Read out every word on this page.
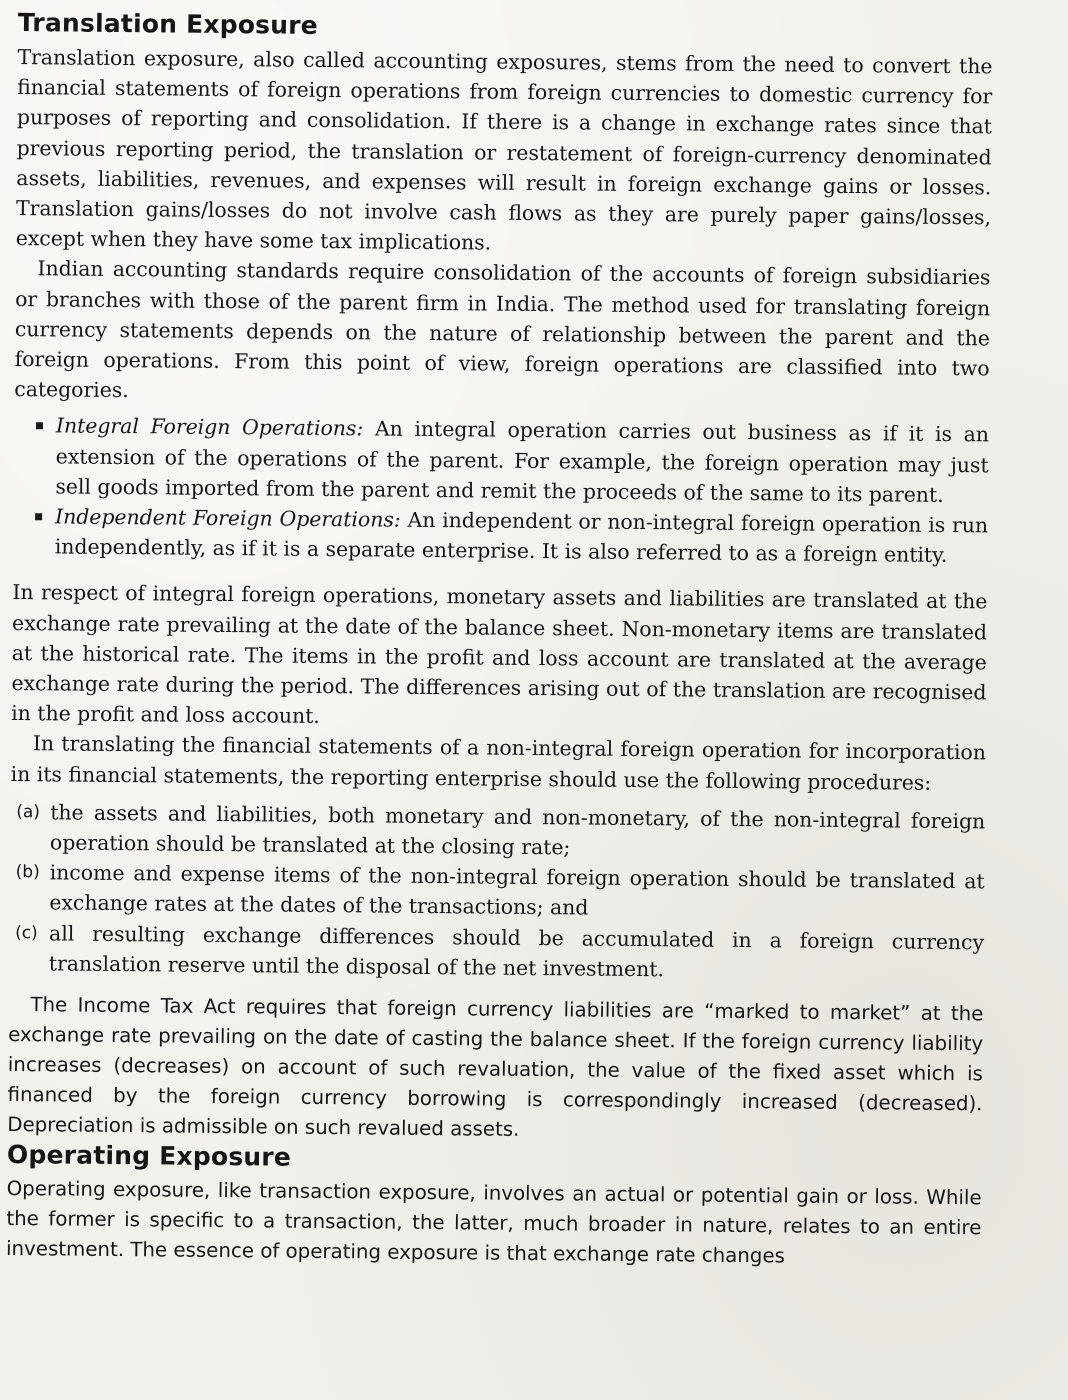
Translation Exposure

Translation exposure, also called accounting exposures, stems from the need to convert the financial statements of foreign operations from foreign currencies to domestic currency for purposes of reporting and consolidation. If there is a change in exchange rates since that previous reporting period, the translation or restatement of foreign-currency denominated assets, liabilities, revenues, and expenses will result in foreign exchange gains or losses. Translation gains/losses do not involve cash flows as they are purely paper gains/losses, except when they have some tax implications.

Indian accounting standards require consolidation of the accounts of foreign subsidiaries or branches with those of the parent firm in India. The method used for translating foreign currency statements depends on the nature of relationship between the parent and the foreign operations. From this point of view, foreign operations are classified into two categories.

Integral Foreign Operations: An integral operation carries out business as if it is an extension of the operations of the parent. For example, the foreign operation may just sell goods imported from the parent and remit the proceeds of the same to its parent.
Independent Foreign Operations: An independent or non-integral foreign operation is run independently, as if it is a separate enterprise. It is also referred to as a foreign entity.

In respect of integral foreign operations, monetary assets and liabilities are translated at the exchange rate prevailing at the date of the balance sheet. Non-monetary items are translated at the historical rate. The items in the profit and loss account are translated at the average exchange rate during the period. The differences arising out of the translation are recognised in the profit and loss account.

In translating the financial statements of a non-integral foreign operation for incorporation in its financial statements, the reporting enterprise should use the following procedures:

(a) the assets and liabilities, both monetary and non-monetary, of the non-integral foreign operation should be translated at the closing rate;
(b) income and expense items of the non-integral foreign operation should be translated at exchange rates at the dates of the transactions; and
(c) all resulting exchange differences should be accumulated in a foreign currency translation reserve until the disposal of the net investment.

The Income Tax Act requires that foreign currency liabilities are “marked to market” at the exchange rate prevailing on the date of casting the balance sheet. If the foreign currency liability increases (decreases) on account of such revaluation, the value of the fixed asset which is financed by the foreign currency borrowing is correspondingly increased (decreased). Depreciation is admissible on such revalued assets.

Operating Exposure

Operating exposure, like transaction exposure, involves an actual or potential gain or loss. While the former is specific to a transaction, the latter, much broader in nature, relates to an entire investment. The essence of operating exposure is that exchange rate changes
